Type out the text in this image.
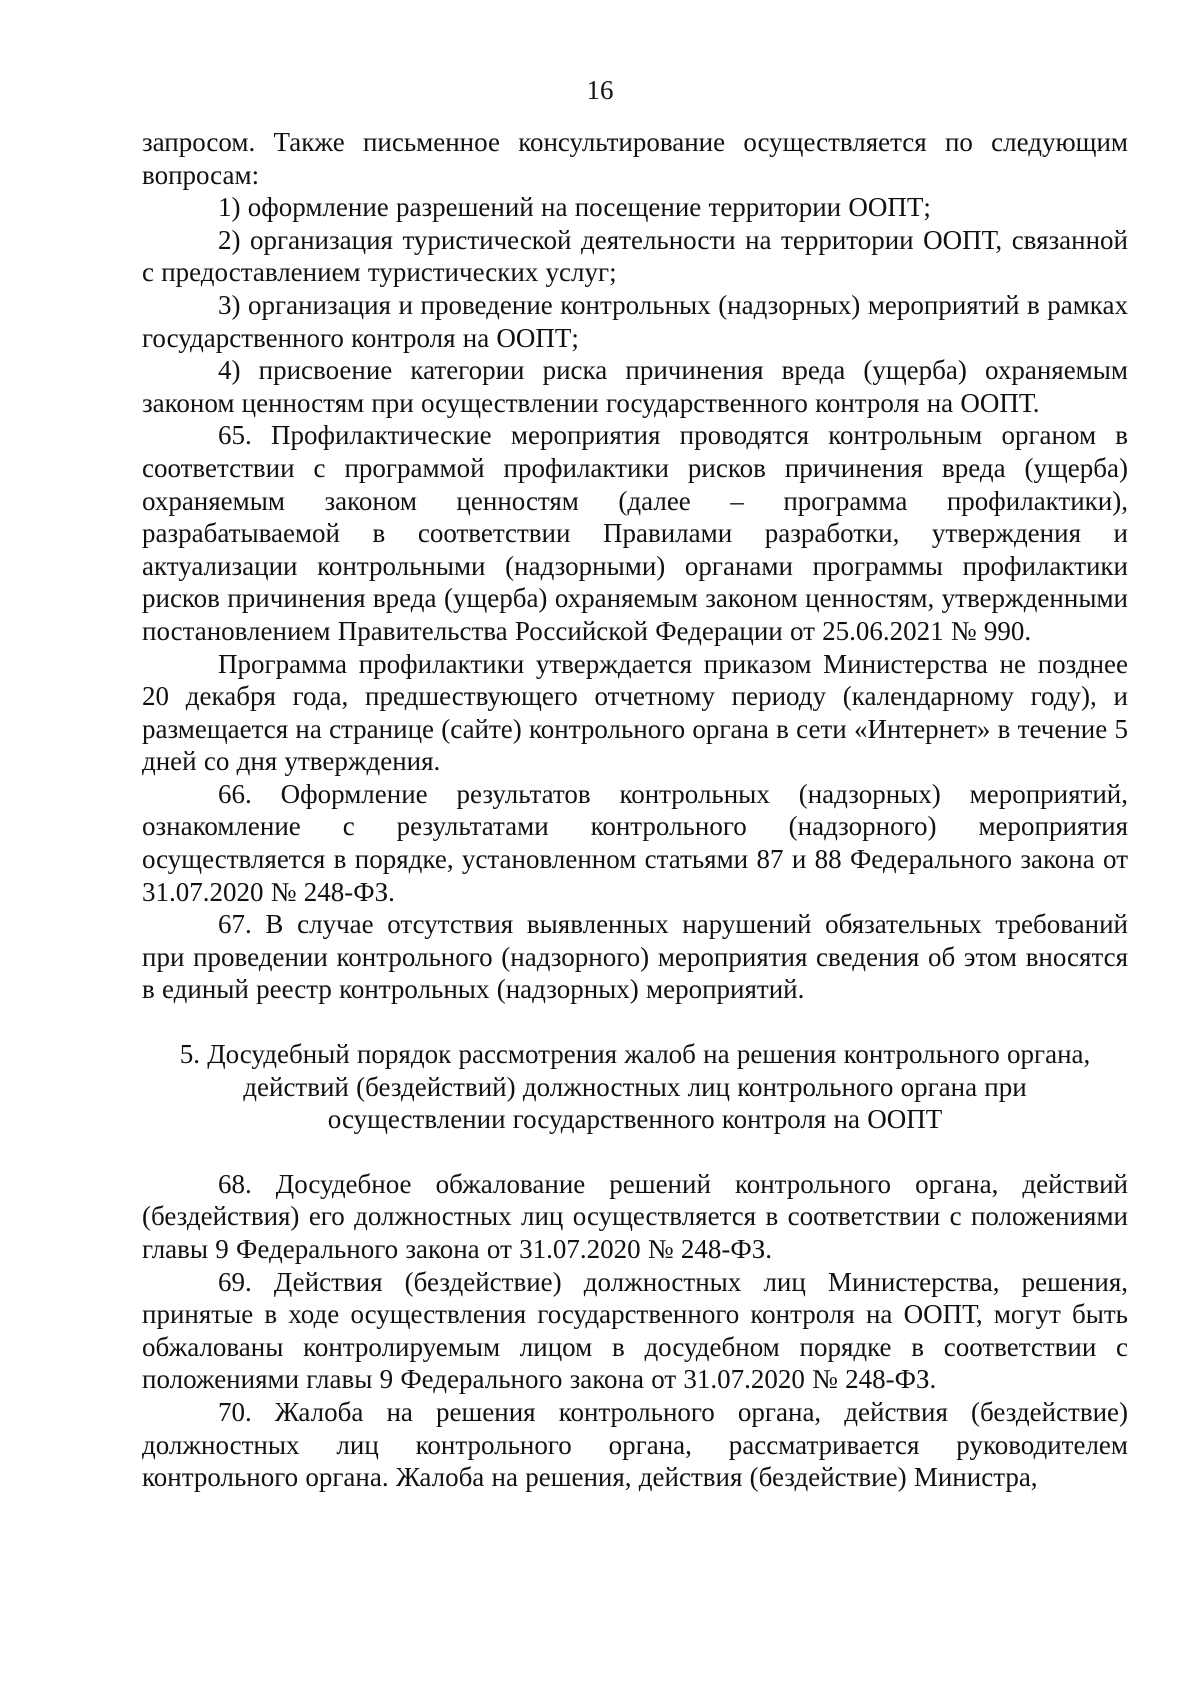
16

запросом. Также письменное консультирование осуществляется по следующим вопросам:

1) оформление разрешений на посещение территории ООПТ;

2) организация туристической деятельности на территории ООПТ, связанной с предоставлением туристических услуг;

3) организация и проведение контрольных (надзорных) мероприятий в рамках государственного контроля на ООПТ;

4) присвоение категории риска причинения вреда (ущерба) охраняемым законом ценностям при осуществлении государственного контроля на ООПТ.

65. Профилактические мероприятия проводятся контрольным органом в соответствии с программой профилактики рисков причинения вреда (ущерба) охраняемым законом ценностям (далее – программа профилактики), разрабатываемой в соответствии Правилами разработки, утверждения и актуализации контрольными (надзорными) органами программы профилактики рисков причинения вреда (ущерба) охраняемым законом ценностям, утвержденными постановлением Правительства Российской Федерации от 25.06.2021 № 990.

Программа профилактики утверждается приказом Министерства не позднее 20 декабря года, предшествующего отчетному периоду (календарному году), и размещается на странице (сайте) контрольного органа в сети «Интернет» в течение 5 дней со дня утверждения.

66. Оформление результатов контрольных (надзорных) мероприятий, ознакомление с результатами контрольного (надзорного) мероприятия осуществляется в порядке, установленном статьями 87 и 88 Федерального закона от 31.07.2020 № 248-ФЗ.

67. В случае отсутствия выявленных нарушений обязательных требований при проведении контрольного (надзорного) мероприятия сведения об этом вносятся в единый реестр контрольных (надзорных) мероприятий.

5. Досудебный порядок рассмотрения жалоб на решения контрольного органа,
действий (бездействий) должностных лиц контрольного органа при
осуществлении государственного контроля на ООПТ

68. Досудебное обжалование решений контрольного органа, действий (бездействия) его должностных лиц осуществляется в соответствии с положениями главы 9 Федерального закона от 31.07.2020 № 248-ФЗ.

69. Действия (бездействие) должностных лиц Министерства, решения, принятые в ходе осуществления государственного контроля на ООПТ, могут быть обжалованы контролируемым лицом в досудебном порядке в соответствии с положениями главы 9 Федерального закона от 31.07.2020 № 248-ФЗ.

70. Жалоба на решения контрольного органа, действия (бездействие) должностных лиц контрольного органа, рассматривается руководителем контрольного органа. Жалоба на решения, действия (бездействие) Министра,
